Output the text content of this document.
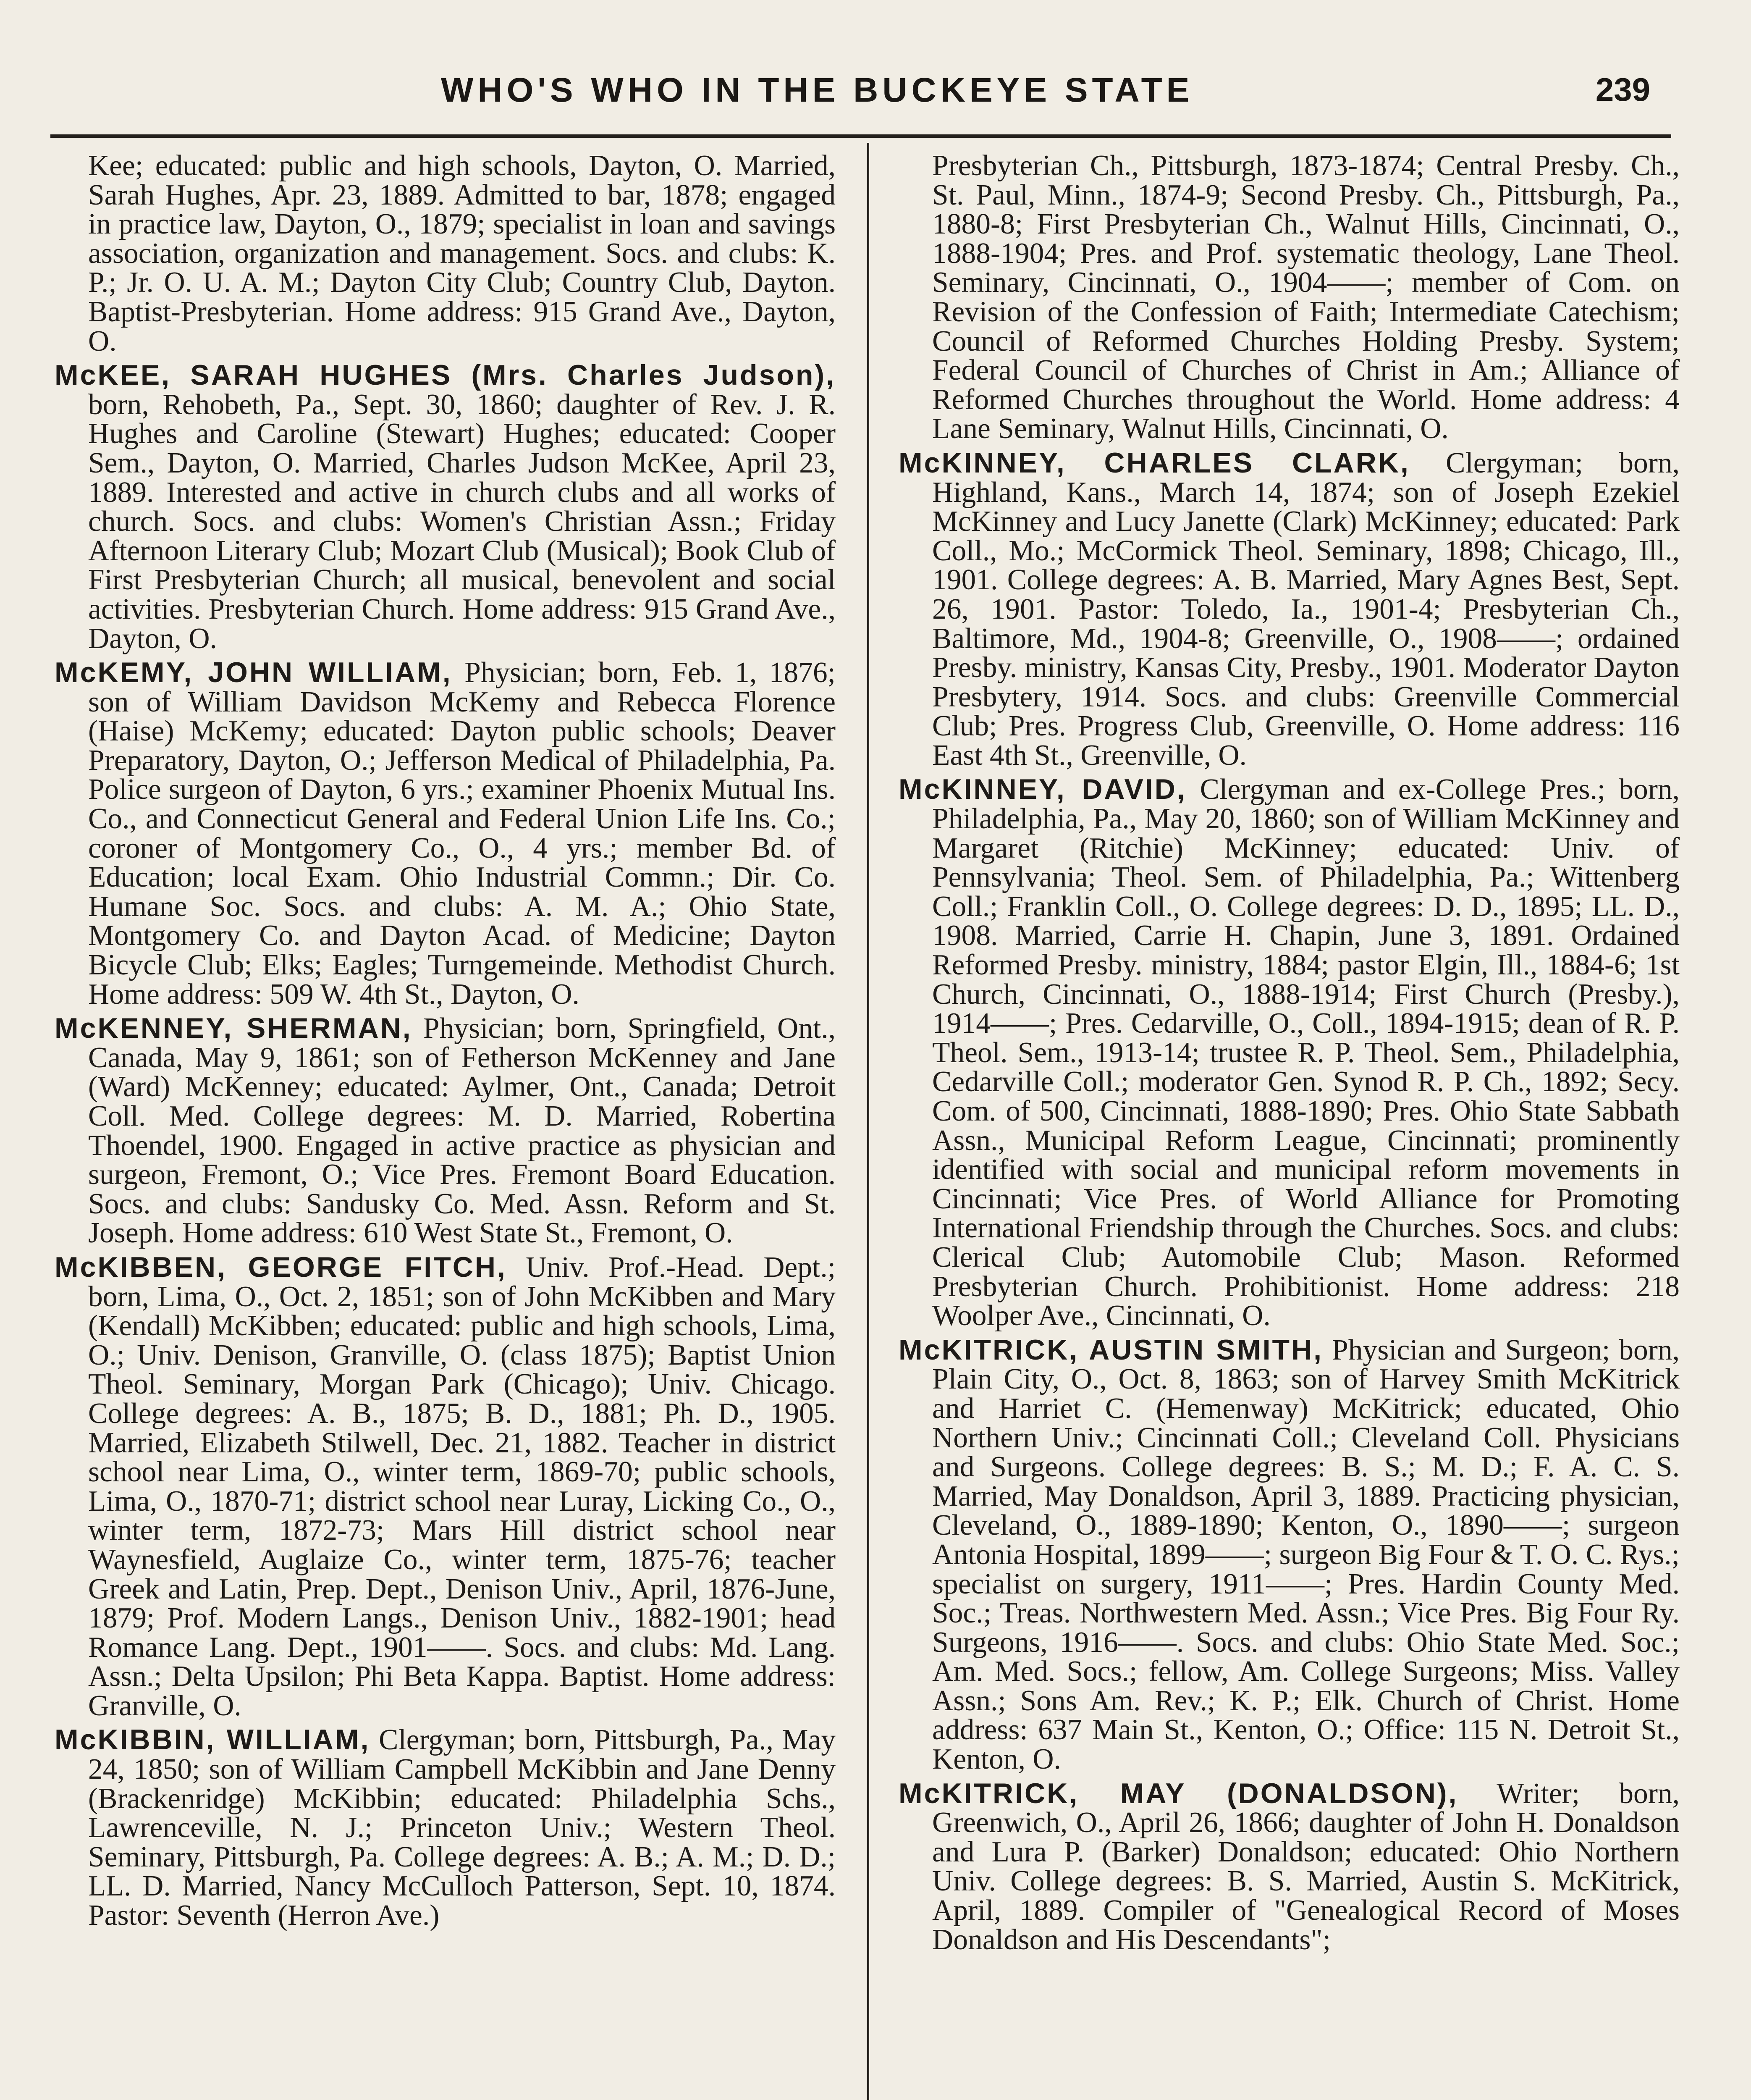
WHO'S WHO IN THE BUCKEYE STATE	239

Kee; educated: public and high schools, Dayton, O. Married, Sarah Hughes, Apr. 23, 1889. Admitted to bar, 1878; engaged in practice law, Dayton, O., 1879; specialist in loan and savings association, organization and management. Socs. and clubs: K. P.; Jr. O. U. A. M.; Dayton City Club; Country Club, Dayton. Baptist-Presbyterian. Home address: 915 Grand Ave., Dayton, O.

McKEE, SARAH HUGHES (Mrs. Charles Judson), born, Rehobeth, Pa., Sept. 30, 1860; daughter of Rev. J. R. Hughes and Caroline (Stewart) Hughes; educated: Cooper Sem., Dayton, O. Married, Charles Judson McKee, April 23, 1889. Interested and active in church clubs and all works of church. Socs. and clubs: Women's Christian Assn.; Friday Afternoon Literary Club; Mozart Club (Musical); Book Club of First Presbyterian Church; all musical, benevolent and social activities. Presbyterian Church. Home address: 915 Grand Ave., Dayton, O.

McKEMY, JOHN WILLIAM, Physician; born, Feb. 1, 1876; son of William Davidson McKemy and Rebecca Florence (Haise) McKemy; educated: Dayton public schools; Deaver Preparatory, Dayton, O.; Jefferson Medical of Philadelphia, Pa. Police surgeon of Dayton, 6 yrs.; examiner Phoenix Mutual Ins. Co., and Connecticut General and Federal Union Life Ins. Co.; coroner of Montgomery Co., O., 4 yrs.; member Bd. of Education; local Exam. Ohio Industrial Commn.; Dir. Co. Humane Soc. Socs. and clubs: A. M. A.; Ohio State, Montgomery Co. and Dayton Acad. of Medicine; Dayton Bicycle Club; Elks; Eagles; Turngemeinde. Methodist Church. Home address: 509 W. 4th St., Dayton, O.

McKENNEY, SHERMAN, Physician; born, Springfield, Ont., Canada, May 9, 1861; son of Fetherson McKenney and Jane (Ward) McKenney; educated: Aylmer, Ont., Canada; Detroit Coll. Med. College degrees: M. D. Married, Robertina Thoendel, 1900. Engaged in active practice as physician and surgeon, Fremont, O.; Vice Pres. Fremont Board Education. Socs. and clubs: Sandusky Co. Med. Assn. Reform and St. Joseph. Home address: 610 West State St., Fremont, O.

McKIBBEN, GEORGE FITCH, Univ. Prof.-Head. Dept.; born, Lima, O., Oct. 2, 1851; son of John McKibben and Mary (Kendall) McKibben; educated: public and high schools, Lima, O.; Univ. Denison, Granville, O. (class 1875); Baptist Union Theol. Seminary, Morgan Park (Chicago); Univ. Chicago. College degrees: A. B., 1875; B. D., 1881; Ph. D., 1905. Married, Elizabeth Stilwell, Dec. 21, 1882. Teacher in district school near Lima, O., winter term, 1869-70; public schools, Lima, O., 1870-71; district school near Luray, Licking Co., O., winter term, 1872-73; Mars Hill district school near Waynesfield, Auglaize Co., winter term, 1875-76; teacher Greek and Latin, Prep. Dept., Denison Univ., April, 1876-June, 1879; Prof. Modern Langs., Denison Univ., 1882-1901; head Romance Lang. Dept., 1901——. Socs. and clubs: Md. Lang. Assn.; Delta Upsilon; Phi Beta Kappa. Baptist. Home address: Granville, O.

McKIBBIN, WILLIAM, Clergyman; born, Pittsburgh, Pa., May 24, 1850; son of William Campbell McKibbin and Jane Denny (Brackenridge) McKibbin; educated: Philadelphia Schs., Lawrenceville, N. J.; Princeton Univ.; Western Theol. Seminary, Pittsburgh, Pa. College degrees: A. B.; A. M.; D. D.; LL. D. Married, Nancy McCulloch Patterson, Sept. 10, 1874. Pastor: Seventh (Herron Ave.)

Presbyterian Ch., Pittsburgh, 1873-1874; Central Presby. Ch., St. Paul, Minn., 1874-9; Second Presby. Ch., Pittsburgh, Pa., 1880-8; First Presbyterian Ch., Walnut Hills, Cincinnati, O., 1888-1904; Pres. and Prof. systematic theology, Lane Theol. Seminary, Cincinnati, O., 1904——; member of Com. on Revision of the Confession of Faith; Intermediate Catechism; Council of Reformed Churches Holding Presby. System; Federal Council of Churches of Christ in Am.; Alliance of Reformed Churches throughout the World. Home address: 4 Lane Seminary, Walnut Hills, Cincinnati, O.

McKINNEY, CHARLES CLARK, Clergyman; born, Highland, Kans., March 14, 1874; son of Joseph Ezekiel McKinney and Lucy Janette (Clark) McKinney; educated: Park Coll., Mo.; McCormick Theol. Seminary, 1898; Chicago, Ill., 1901. College degrees: A. B. Married, Mary Agnes Best, Sept. 26, 1901. Pastor: Toledo, Ia., 1901-4; Presbyterian Ch., Baltimore, Md., 1904-8; Greenville, O., 1908——; ordained Presby. ministry, Kansas City, Presby., 1901. Moderator Dayton Presbytery, 1914. Socs. and clubs: Greenville Commercial Club; Pres. Progress Club, Greenville, O. Home address: 116 East 4th St., Greenville, O.

McKINNEY, DAVID, Clergyman and ex-College Pres.; born, Philadelphia, Pa., May 20, 1860; son of William McKinney and Margaret (Ritchie) McKinney; educated: Univ. of Pennsylvania; Theol. Sem. of Philadelphia, Pa.; Wittenberg Coll.; Franklin Coll., O. College degrees: D. D., 1895; LL. D., 1908. Married, Carrie H. Chapin, June 3, 1891. Ordained Reformed Presby. ministry, 1884; pastor Elgin, Ill., 1884-6; 1st Church, Cincinnati, O., 1888-1914; First Church (Presby.), 1914——; Pres. Cedarville, O., Coll., 1894-1915; dean of R. P. Theol. Sem., 1913-14; trustee R. P. Theol. Sem., Philadelphia, Cedarville Coll.; moderator Gen. Synod R. P. Ch., 1892; Secy. Com. of 500, Cincinnati, 1888-1890; Pres. Ohio State Sabbath Assn., Municipal Reform League, Cincinnati; prominently identified with social and municipal reform movements in Cincinnati; Vice Pres. of World Alliance for Promoting International Friendship through the Churches. Socs. and clubs: Clerical Club; Automobile Club; Mason. Reformed Presbyterian Church. Prohibitionist. Home address: 218 Woolper Ave., Cincinnati, O.

McKITRICK, AUSTIN SMITH, Physician and Surgeon; born, Plain City, O., Oct. 8, 1863; son of Harvey Smith McKitrick and Harriet C. (Hemenway) McKitrick; educated, Ohio Northern Univ.; Cincinnati Coll.; Cleveland Coll. Physicians and Surgeons. College degrees: B. S.; M. D.; F. A. C. S. Married, May Donaldson, April 3, 1889. Practicing physician, Cleveland, O., 1889-1890; Kenton, O., 1890——; surgeon Antonia Hospital, 1899——; surgeon Big Four & T. O. C. Rys.; specialist on surgery, 1911——; Pres. Hardin County Med. Soc.; Treas. Northwestern Med. Assn.; Vice Pres. Big Four Ry. Surgeons, 1916——. Socs. and clubs: Ohio State Med. Soc.; Am. Med. Socs.; fellow, Am. College Surgeons; Miss. Valley Assn.; Sons Am. Rev.; K. P.; Elk. Church of Christ. Home address: 637 Main St., Kenton, O.; Office: 115 N. Detroit St., Kenton, O.

McKITRICK, MAY (DONALDSON), Writer; born, Greenwich, O., April 26, 1866; daughter of John H. Donaldson and Lura P. (Barker) Donaldson; educated: Ohio Northern Univ. College degrees: B. S. Married, Austin S. McKitrick, April, 1889. Compiler of "Genealogical Record of Moses Donaldson and His Descendants";
